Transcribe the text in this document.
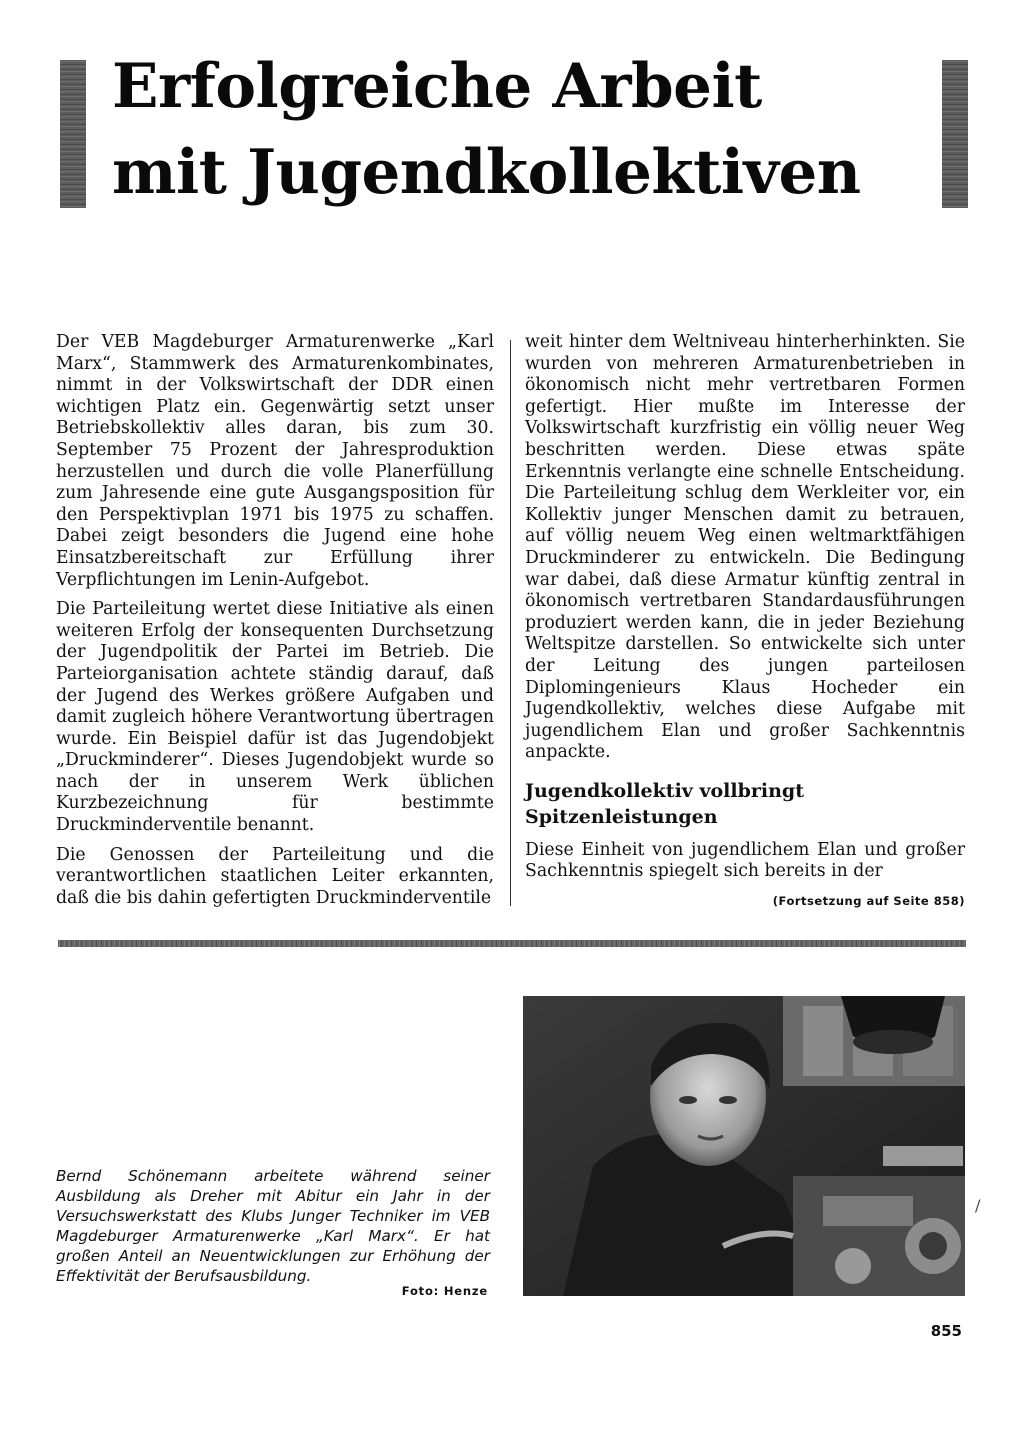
Erfolgreiche Arbeit
mit Jugendkollektiven

Der VEB Magdeburger Armaturenwerke „Karl Marx“, Stammwerk des Armaturenkombinates, nimmt in der Volkswirtschaft der DDR einen wichtigen Platz ein. Gegenwärtig setzt unser Betriebskollektiv alles daran, bis zum 30. September 75 Prozent der Jahresproduktion herzustellen und durch die volle Planerfüllung zum Jahresende eine gute Ausgangsposition für den Perspektivplan 1971 bis 1975 zu schaffen. Dabei zeigt besonders die Jugend eine hohe Einsatzbereitschaft zur Erfüllung ihrer Verpflichtungen im Lenin-Aufgebot.

Die Parteileitung wertet diese Initiative als einen weiteren Erfolg der konsequenten Durchsetzung der Jugendpolitik der Partei im Betrieb. Die Parteiorganisation achtete ständig darauf, daß der Jugend des Werkes größere Aufgaben und damit zugleich höhere Verantwortung übertragen wurde. Ein Beispiel dafür ist das Jugendobjekt „Druckminderer“. Dieses Jugendobjekt wurde so nach der in unserem Werk üblichen Kurzbezeichnung für bestimmte Druckminderventile benannt.

Die Genossen der Parteileitung und die verantwortlichen staatlichen Leiter erkannten, daß die bis dahin gefertigten Druckminderventile

weit hinter dem Weltniveau hinterherhinkten. Sie wurden von mehreren Armaturenbetrieben in ökonomisch nicht mehr vertretbaren Formen gefertigt. Hier mußte im Interesse der Volkswirtschaft kurzfristig ein völlig neuer Weg beschritten werden. Diese etwas späte Erkenntnis verlangte eine schnelle Entscheidung. Die Parteileitung schlug dem Werkleiter vor, ein Kollektiv junger Menschen damit zu betrauen, auf völlig neuem Weg einen weltmarktfähigen Druckminderer zu entwickeln. Die Bedingung war dabei, daß diese Armatur künftig zentral in ökonomisch vertretbaren Standardausführungen produziert werden kann, die in jeder Beziehung Weltspitze darstellen. So entwickelte sich unter der Leitung des jungen parteilosen Diplomingenieurs Klaus Hocheder ein Jugendkollektiv, welches diese Aufgabe mit jugendlichem Elan und großer Sachkenntnis anpackte.

Jugendkollektiv vollbringt
Spitzenleistungen

Diese Einheit von jugendlichem Elan und großer Sachkenntnis spiegelt sich bereits in der

(Fortsetzung auf Seite 858)

Bernd Schönemann arbeitete während seiner Ausbildung als Dreher mit Abitur ein Jahr in der Versuchswerkstatt des Klubs Junger Techniker im VEB Magdeburger Armaturenwerke „Karl Marx“. Er hat großen Anteil an Neuentwicklungen zur Erhöhung der Effektivität der Berufsausbildung.

Foto: Henze
/
855
